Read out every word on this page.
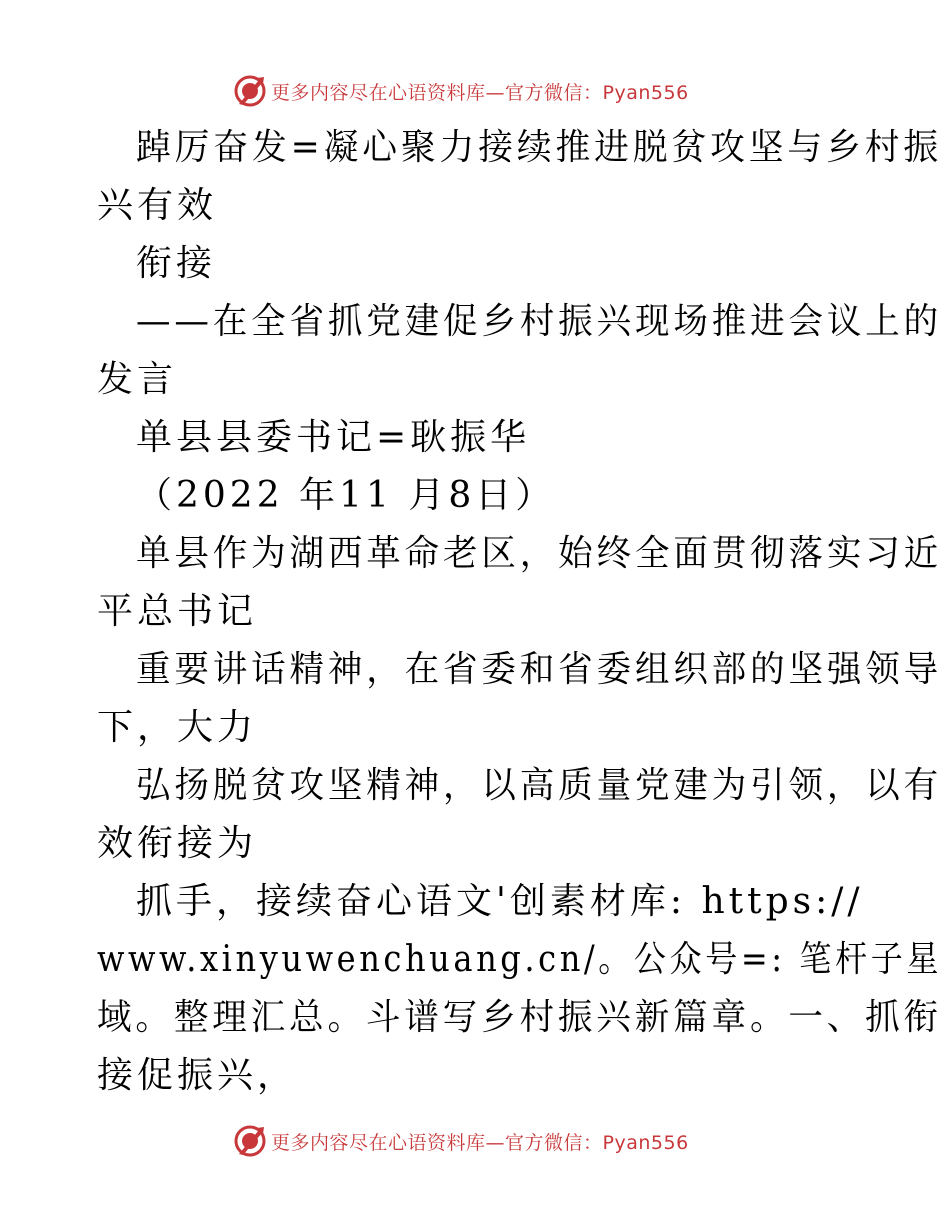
更多内容尽在心语资料库—官方微信：Pyan556
踔厉奋发=凝心聚力接续推进脱贫攻坚与乡村振
兴有效
衔接
——在全省抓党建促乡村振兴现场推进会议上的
发言
单县县委书记=耿振华
（2022 年11 月8日）
单县作为湖西革命老区，始终全面贯彻落实习近
平总书记
重要讲话精神，在省委和省委组织部的坚强领导
下，大力
弘扬脱贫攻坚精神，以高质量党建为引领，以有
效衔接为
抓手，接续奋心语文'创素材库: https://
www.xinyuwenchuang.cn/。公众号=: 笔杆子星
域。整理汇总。斗谱写乡村振兴新篇章。一、抓衔
接促振兴，
更多内容尽在心语资料库—官方微信：Pyan556
